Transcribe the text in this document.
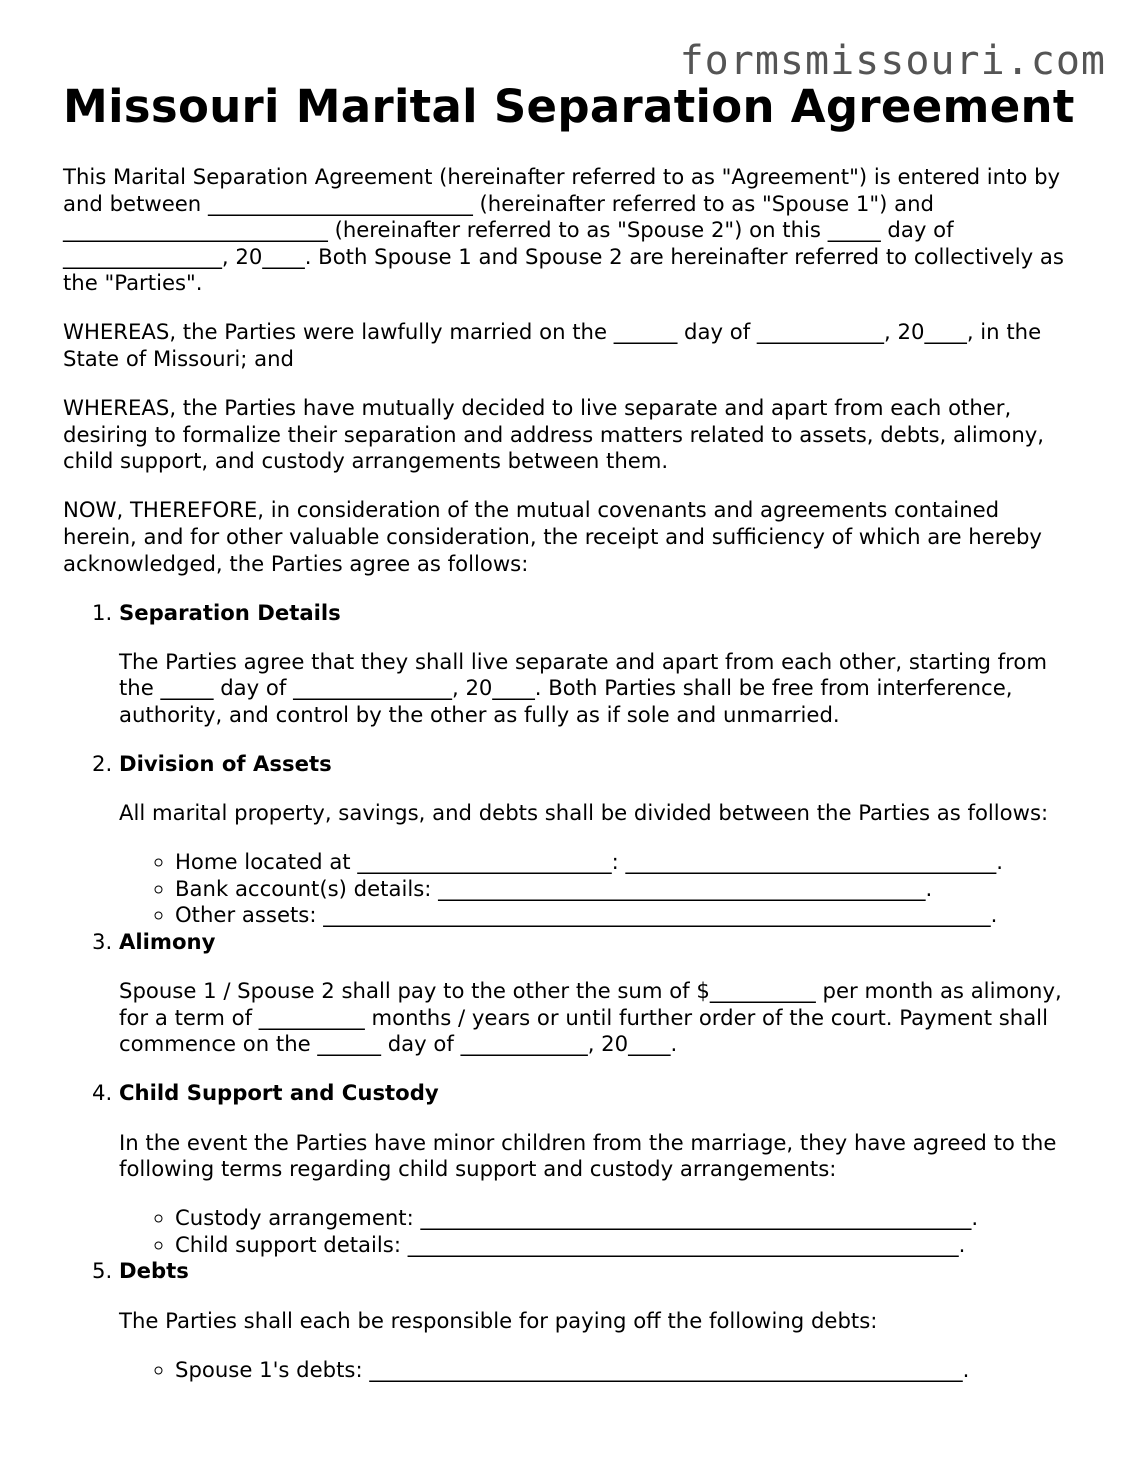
formsmissouri.com
Missouri Marital Separation Agreement

This Marital Separation Agreement (hereinafter referred to as "Agreement") is entered into by and between _________________________ (hereinafter referred to as "Spouse 1") and _________________________ (hereinafter referred to as "Spouse 2") on this _____ day of _______________, 20____. Both Spouse 1 and Spouse 2 are hereinafter referred to collectively as the "Parties".

WHEREAS, the Parties were lawfully married on the ______ day of ____________, 20____, in the State of Missouri; and

WHEREAS, the Parties have mutually decided to live separate and apart from each other, desiring to formalize their separation and address matters related to assets, debts, alimony, child support, and custody arrangements between them.

NOW, THEREFORE, in consideration of the mutual covenants and agreements contained herein, and for other valuable consideration, the receipt and sufficiency of which are hereby acknowledged, the Parties agree as follows:

1. Separation Details

The Parties agree that they shall live separate and apart from each other, starting from the _____ day of _______________, 20____. Both Parties shall be free from interference, authority, and control by the other as fully as if sole and unmarried.

2. Division of Assets

All marital property, savings, and debts shall be divided between the Parties as follows:

◦ Home located at ________________________: ___________________________________.
◦ Bank account(s) details: ______________________________________________.
◦ Other assets: _______________________________________________________________.
3. Alimony

Spouse 1 / Spouse 2 shall pay to the other the sum of $__________ per month as alimony, for a term of __________ months / years or until further order of the court. Payment shall commence on the ______ day of ____________, 20____.

4. Child Support and Custody

In the event the Parties have minor children from the marriage, they have agreed to the following terms regarding child support and custody arrangements:

◦ Custody arrangement: ____________________________________________________.
◦ Child support details: ____________________________________________________.
5. Debts

The Parties shall each be responsible for paying off the following debts:

◦ Spouse 1's debts: ________________________________________________________.
